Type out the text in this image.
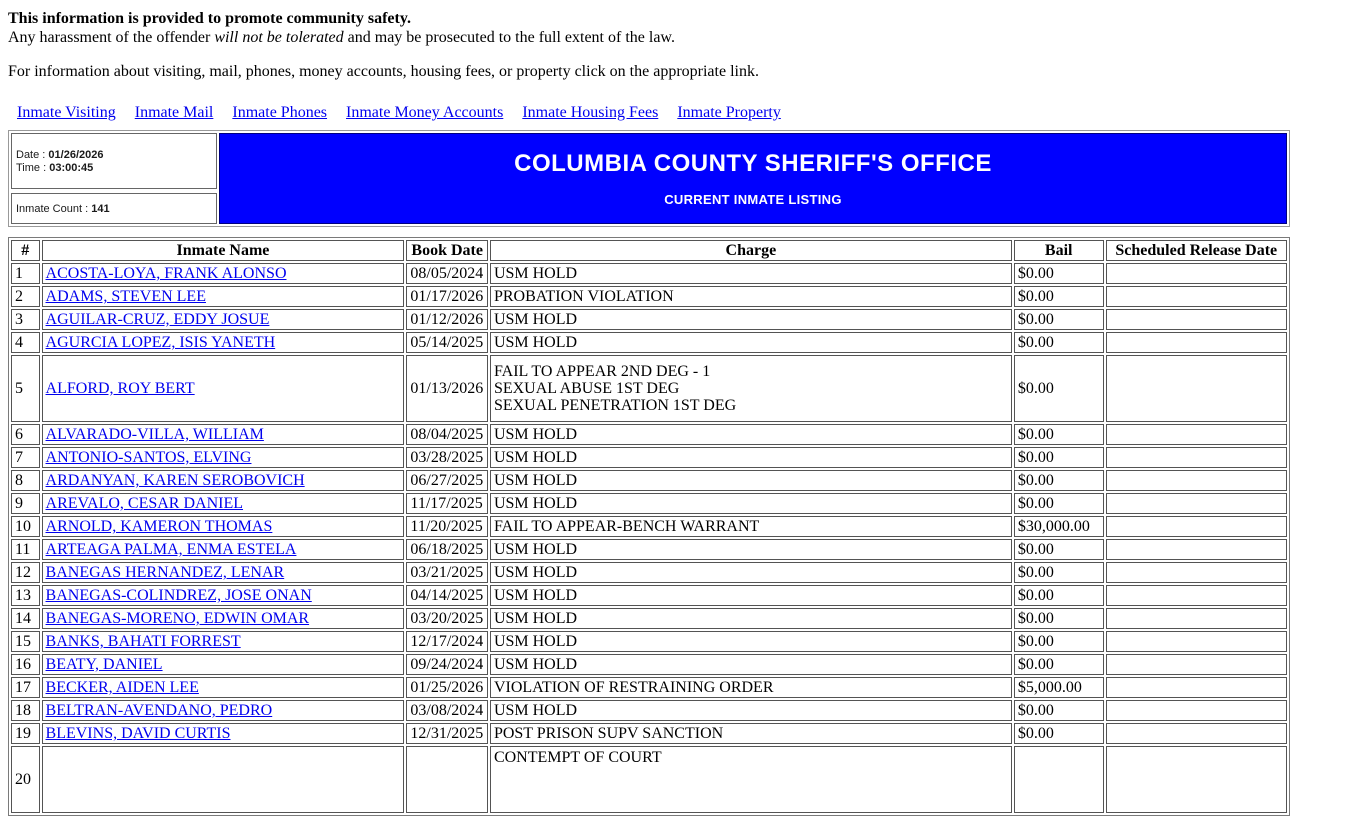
This information is provided to promote community safety.

Any harassment of the offender will not be tolerated and may be prosecuted to the full extent of the law.

For information about visiting, mail, phones, money accounts, housing fees, or property click on the appropriate link.

Inmate Visiting Inmate Mail Inmate Phones Inmate Money Accounts Inmate Housing Fees Inmate Property
Date : 01/26/2026
Time : 03:00:45
Inmate Count : 141
COLUMBIA COUNTY SHERIFF'S OFFICE
CURRENT INMATE LISTING
#	Inmate Name	Book Date	Charge	Bail	Scheduled Release Date
1	ACOSTA-LOYA, FRANK ALONSO	08/05/2024	USM HOLD	$0.00	
2	ADAMS, STEVEN LEE	01/17/2026	PROBATION VIOLATION	$0.00	
3	AGUILAR-CRUZ, EDDY JOSUE	01/12/2026	USM HOLD	$0.00	
4	AGURCIA LOPEZ, ISIS YANETH	05/14/2025	USM HOLD	$0.00	
5	ALFORD, ROY BERT	01/13/2026	FAIL TO APPEAR 2ND DEG - 1
SEXUAL ABUSE 1ST DEG
SEXUAL PENETRATION 1ST DEG	$0.00	
6	ALVARADO-VILLA, WILLIAM	08/04/2025	USM HOLD	$0.00	
7	ANTONIO-SANTOS, ELVING	03/28/2025	USM HOLD	$0.00	
8	ARDANYAN, KAREN SEROBOVICH	06/27/2025	USM HOLD	$0.00	
9	AREVALO, CESAR DANIEL	11/17/2025	USM HOLD	$0.00	
10	ARNOLD, KAMERON THOMAS	11/20/2025	FAIL TO APPEAR-BENCH WARRANT	$30,000.00	
11	ARTEAGA PALMA, ENMA ESTELA	06/18/2025	USM HOLD	$0.00	
12	BANEGAS HERNANDEZ, LENAR	03/21/2025	USM HOLD	$0.00	
13	BANEGAS-COLINDREZ, JOSE ONAN	04/14/2025	USM HOLD	$0.00	
14	BANEGAS-MORENO, EDWIN OMAR	03/20/2025	USM HOLD	$0.00	
15	BANKS, BAHATI FORREST	12/17/2024	USM HOLD	$0.00	
16	BEATY, DANIEL	09/24/2024	USM HOLD	$0.00	
17	BECKER, AIDEN LEE	01/25/2026	VIOLATION OF RESTRAINING ORDER	$5,000.00	
18	BELTRAN-AVENDANO, PEDRO	03/08/2024	USM HOLD	$0.00	
19	BLEVINS, DAVID CURTIS	12/31/2025	POST PRISON SUPV SANCTION	$0.00	
20			CONTEMPT OF COURT		
